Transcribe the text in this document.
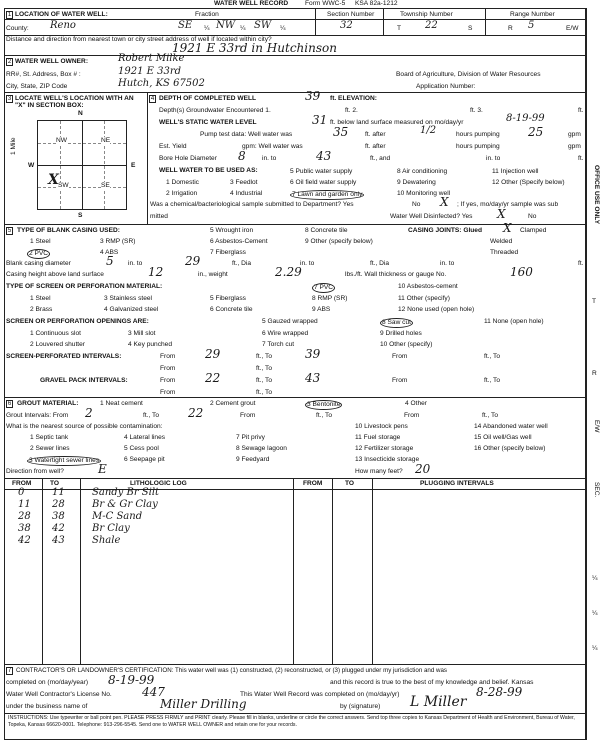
WATER WELL RECORD	Form WWC-5 KSA 82a-1212
1 LOCATION OF WATER WELL:	Fraction	Section Number	Township Number	Range Number
County: Reno	SE ¼ NW ¼ SW ¼	32	T 22	S	R 5	E/W
Distance and direction from nearest town or city street address of well if located within city?
1921 E 33rd in Hutchinson
2 WATER WELL OWNER:	Robert Milke
RR#, St. Address, Box # :	1921 E 33rd	Board of Agriculture, Division of Water Resources
City, State, ZIP Code	Hutch, KS 67502	Application Number:
3 LOCATE WELL'S LOCATION WITH AN "X" IN SECTION BOX:
N
1 Mile	NW	NE
SW	SE
W	E
S
X
4 DEPTH OF COMPLETED WELL	39 ft. ELEVATION:
Depth(s) Groundwater Encountered 1.	ft. 2.	ft. 3.	ft.
WELL'S STATIC WATER LEVEL	31 ft. below land surface measured on mo/day/yr	8-19-99
Pump test data: Well water was	35	ft. after	1/2	hours pumping 25	gpm
Est. Yield	gpm: Well water was	ft. after	hours pumping	gpm
Bore Hole Diameter 8 in. to	43	ft., and	in. to	ft.
WELL WATER TO BE USED AS:
1 Domestic	3 Feedlot
5 Public water supply
6 Oil field water supply
8 Air conditioning
9 Dewatering
11 Injection well
12 Other (Specify below)
2 Irrigation	4 Industrial	7 Lawn and garden only	10 Monitoring well
Was a chemical/bacteriological sample submitted to Department? Yes	No X ; If yes, mo/day/yr sample was sub
mitted	Water Well Disinfected? Yes X	No
5 TYPE OF BLANK CASING USED:	5 Wrought iron	8 Concrete tile	CASING JOINTS: Glued X Clamped
1 Steel	3 RMP (SR)	6 Asbestos-Cement	9 Other (specify below)	Welded
2 PVC	4 ABS	7 Fiberglass	Threaded
Blank casing diameter	5 in. to	29	ft., Dia	in. to	ft., Dia	in. to	ft.
Casing height above land surface	12	in., weight	2.29	lbs./ft. Wall thickness or gauge No.	160
TYPE OF SCREEN OR PERFORATION MATERIAL:	7 PVC	10 Asbestos-cement
1 Steel	3 Stainless steel	5 Fiberglass	8 RMP (SR)	11 Other (specify)
2 Brass	4 Galvanized steel	6 Concrete tile	9 ABS	12 None used (open hole)
SCREEN OR PERFORATION OPENINGS ARE:	5 Gauzed wrapped	8 Saw cut	11 None (open hole)
1 Continuous slot	3 Mill slot	6 Wire wrapped	9 Drilled holes
2 Louvered shutter	4 Key punched	7 Torch cut	10 Other (specify)
SCREEN-PERFORATED INTERVALS:	From 29	ft., To	39	From	ft., To
From	ft., To
GRAVEL PACK INTERVALS:	From 22	ft., To	43	From	ft., To
From	ft., To
6 GROUT MATERIAL:	1 Neat cement	2 Cement grout	3 Bentonite	4 Other
Grout Intervals: From 2	ft., To 22	From	ft., To	From	ft., To
What is the nearest source of possible contamination:	10 Livestock pens	14 Abandoned water well
1 Septic tank	4 Lateral lines	7 Pit privy	11 Fuel storage	15 Oil well/Gas well
2 Sewer lines	5 Cess pool	8 Sewage lagoon	12 Fertilizer storage	16 Other (specify below)
3 Watertight sewer lines	6 Seepage pit	9 Feedyard	13 Insecticide storage
Direction from well?	E	How many feet? 20
FROM	TO	LITHOLOGIC LOG	FROM	TO	PLUGGING INTERVALS
0	11	Sandy Br Silt
11 28	Br & Gr Clay
28 38	M-C Sand
38 42	Br Clay
42 43	Shale
7 CONTRACTOR'S OR LANDOWNER'S CERTIFICATION: This water well was (1) constructed, (2) reconstructed, or (3) plugged under my jurisdiction and was
completed on (mo/day/year) 8-19-99	and this record is true to the best of my knowledge and belief. Kansas
Water Well Contractor's License No.	447	This Water Well Record was completed on (mo/day/yr)	8-28-99
under the business name of	Miller Drilling	by (signature) L Miller
INSTRUCTIONS: Use typewriter or ball point pen. PLEASE PRESS FIRMLY and PRINT clearly. Please fill in blanks, underline or circle the correct answers. Send top three copies to Kansas Department of Health and Environment, Bureau of Water, Topeka, Kansas 66620-0001. Telephone: 913-296-5545. Send one to WATER WELL OWNER and retain one for your records.
OFFICE USE ONLY
T
R
E/W
SEC.
¼
¼
¼
